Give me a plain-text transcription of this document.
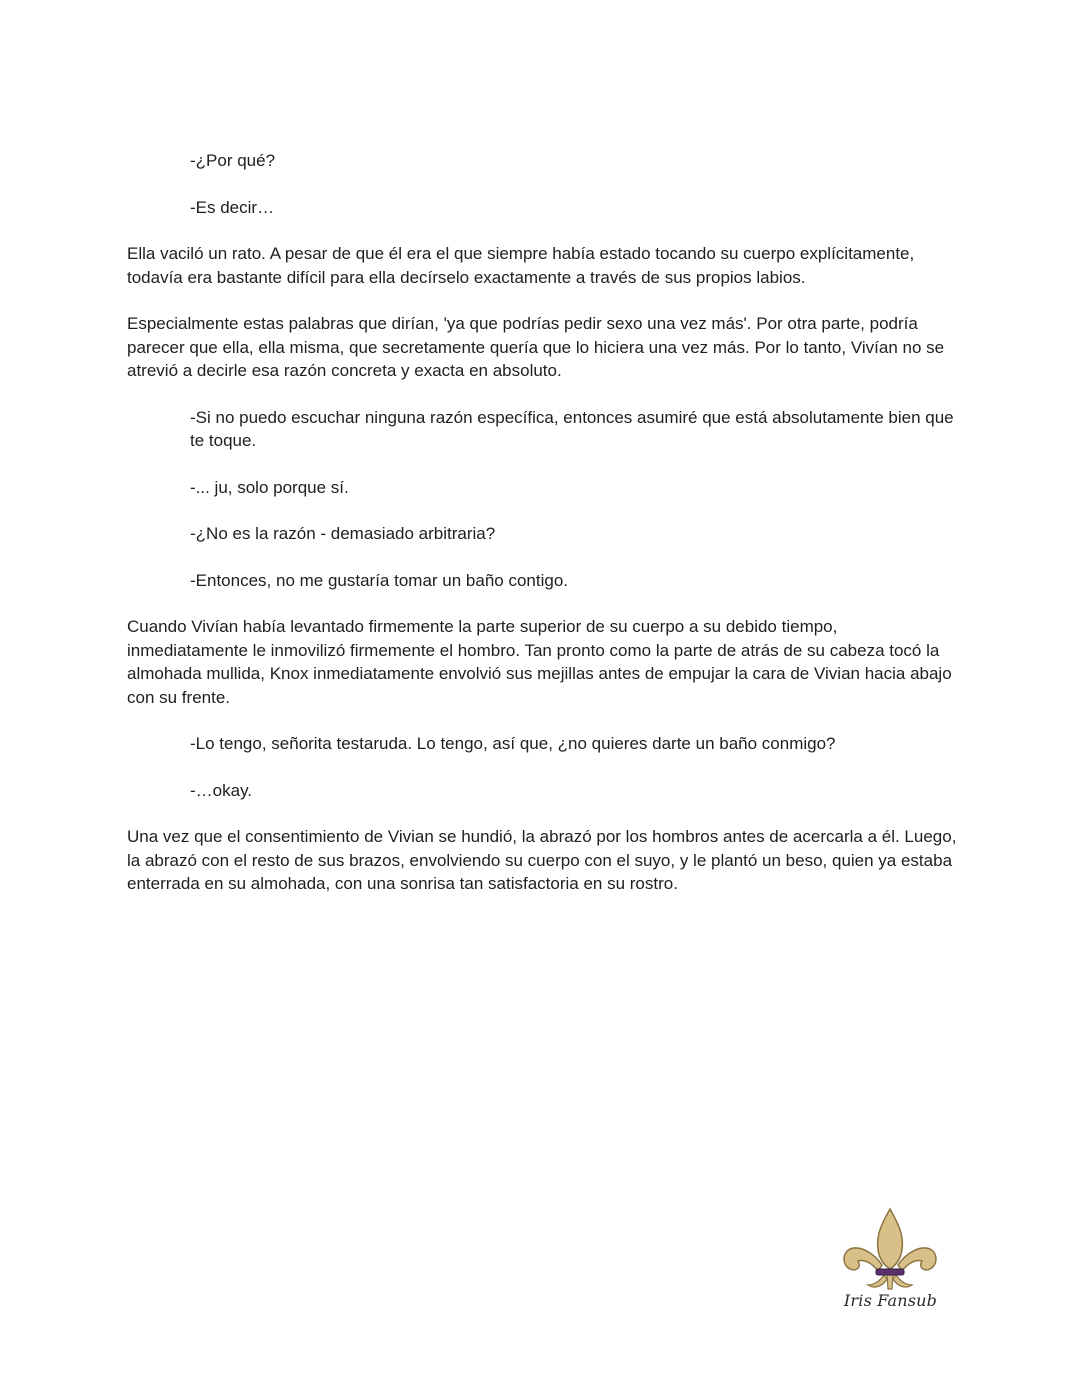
-¿Por qué?

-Es decir…

Ella vaciló un rato. A pesar de que él era el que siempre había estado tocando su cuerpo explícitamente, todavía era bastante difícil para ella decírselo exactamente a través de sus propios labios.

Especialmente estas palabras que dirían, 'ya que podrías pedir sexo una vez más'. Por otra parte, podría parecer que ella, ella misma, que secretamente quería que lo hiciera una vez más. Por lo tanto, Vivían no se atrevió a decirle esa razón concreta y exacta en absoluto.

-Si no puedo escuchar ninguna razón específica, entonces asumiré que está absolutamente bien que te toque.

-... ju, solo porque sí.

-¿No es la razón - demasiado arbitraria?

-Entonces, no me gustaría tomar un baño contigo.

Cuando Vivían había levantado firmemente la parte superior de su cuerpo a su debido tiempo, inmediatamente le inmovilizó firmemente el hombro. Tan pronto como la parte de atrás de su cabeza tocó la almohada mullida, Knox inmediatamente envolvió sus mejillas antes de empujar la cara de Vivian hacia abajo con su frente.

-Lo tengo, señorita testaruda. Lo tengo, así que, ¿no quieres darte un baño conmigo?

-…okay.

Una vez que el consentimiento de Vivian se hundió, la abrazó por los hombros antes de acercarla a él. Luego, la abrazó con el resto de sus brazos, envolviendo su cuerpo con el suyo, y le plantó un beso, quien ya estaba enterrada en su almohada, con una sonrisa tan satisfactoria en su rostro.

Iris Fansub
